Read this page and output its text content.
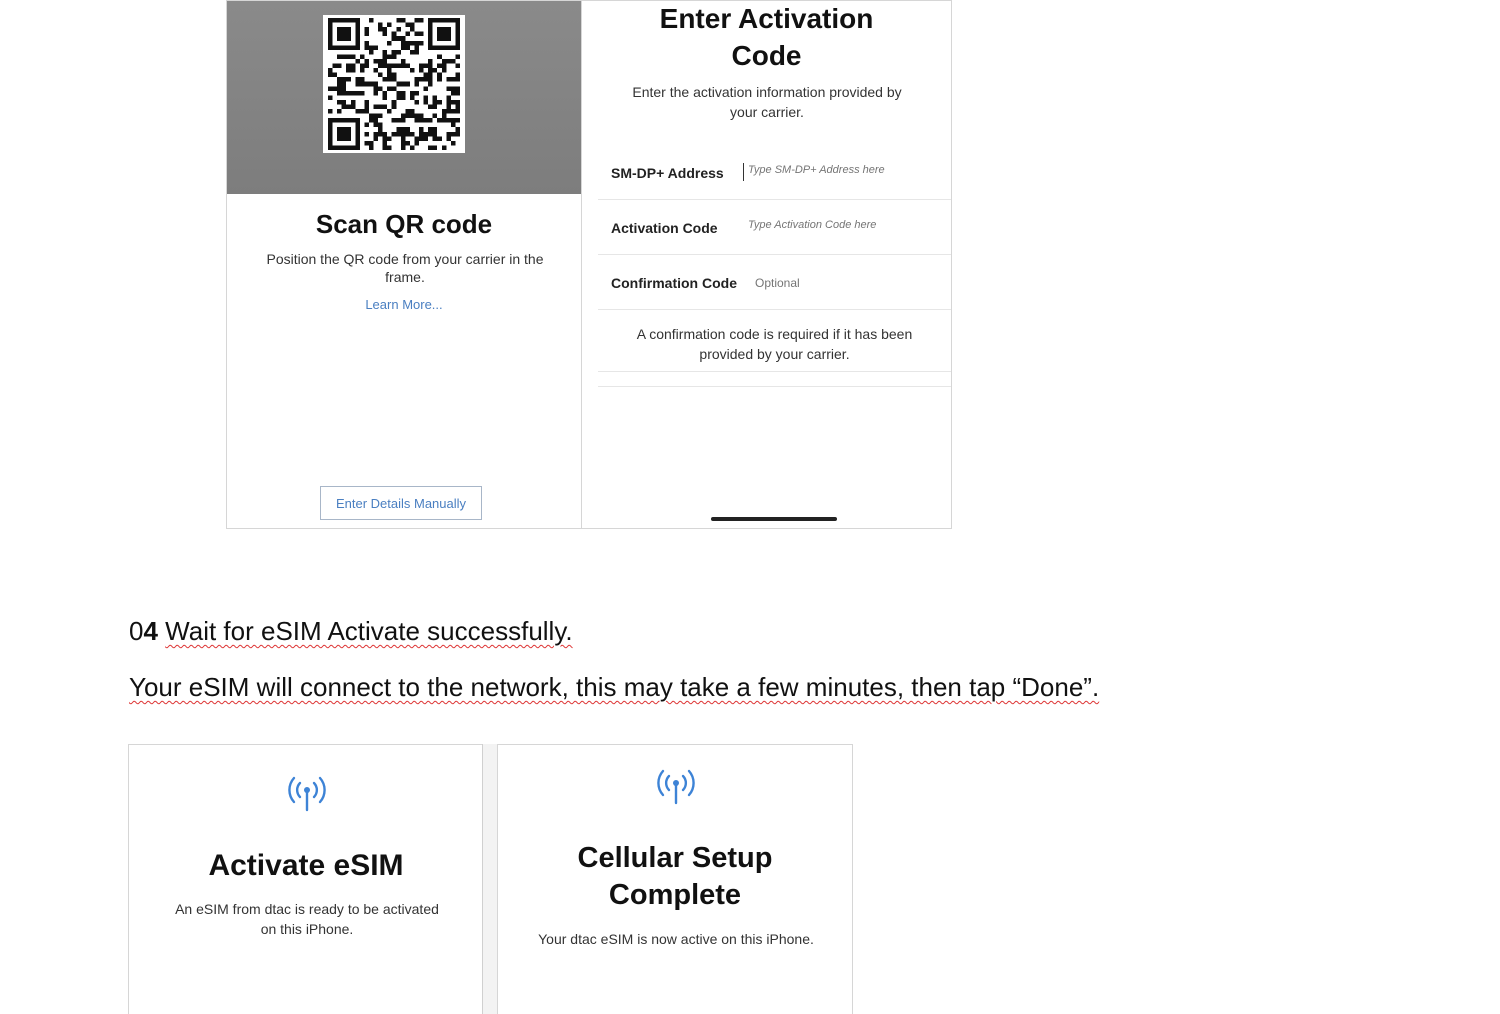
Scan QR code
Position the QR code from your carrier in the frame.
Learn More...
Enter Details Manually
Enter Activation
Code
Enter the activation information provided by
your carrier.
SM-DP+ Address
Type SM-DP+ Address here
Activation Code
Type Activation Code here
Confirmation Code
Optional
A confirmation code is required if it has been
provided by your carrier.
04 Wait for eSIM Activate successfully.
Your eSIM will connect to the network, this may take a few minutes, then tap “Done”.
Activate eSIM
An eSIM from dtac is ready to be activated
on this iPhone.
Cellular Setup
Complete
Your dtac eSIM is now active on this iPhone.
